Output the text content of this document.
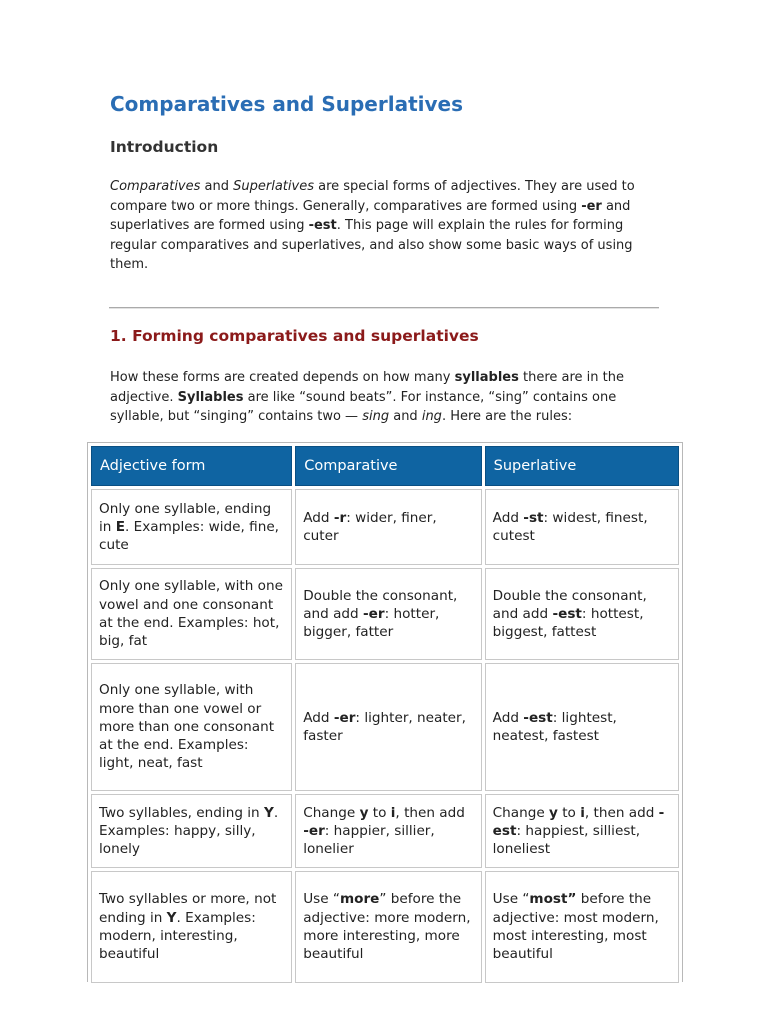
Comparatives and Superlatives
Introduction

Comparatives and Superlatives are special forms of adjectives. They are used to compare two or more things. Generally, comparatives are formed using -er and superlatives are formed using -est. This page will explain the rules for forming regular comparatives and superlatives, and also show some basic ways of using them.

1. Forming comparatives and superlatives

How these forms are created depends on how many syllables there are in the adjective. Syllables are like “sound beats”. For instance, “sing” contains one syllable, but “singing” contains two — sing and ing. Here are the rules:

Adjective form	Comparative	Superlative
Only one syllable, ending in E. Examples: wide, fine, cute	Add -r: wider, finer, cuter	Add -st: widest, finest, cutest
Only one syllable, with one vowel and one consonant at the end. Examples: hot, big, fat	Double the consonant, and add -er: hotter, bigger, fatter	Double the consonant, and add -est: hottest, biggest, fattest
Only one syllable, with more than one vowel or more than one consonant at the end. Examples: light, neat, fast	Add -er: lighter, neater, faster	Add -est: lightest, neatest, fastest
Two syllables, ending in Y. Examples: happy, silly, lonely	Change y to i, then add -er: happier, sillier, lonelier	Change y to i, then add -est: happiest, silliest, loneliest
Two syllables or more, not ending in Y. Examples: modern, interesting, beautiful	Use “more” before the adjective: more modern, more interesting, more beautiful	Use “most” before the adjective: most modern, most interesting, most beautiful
